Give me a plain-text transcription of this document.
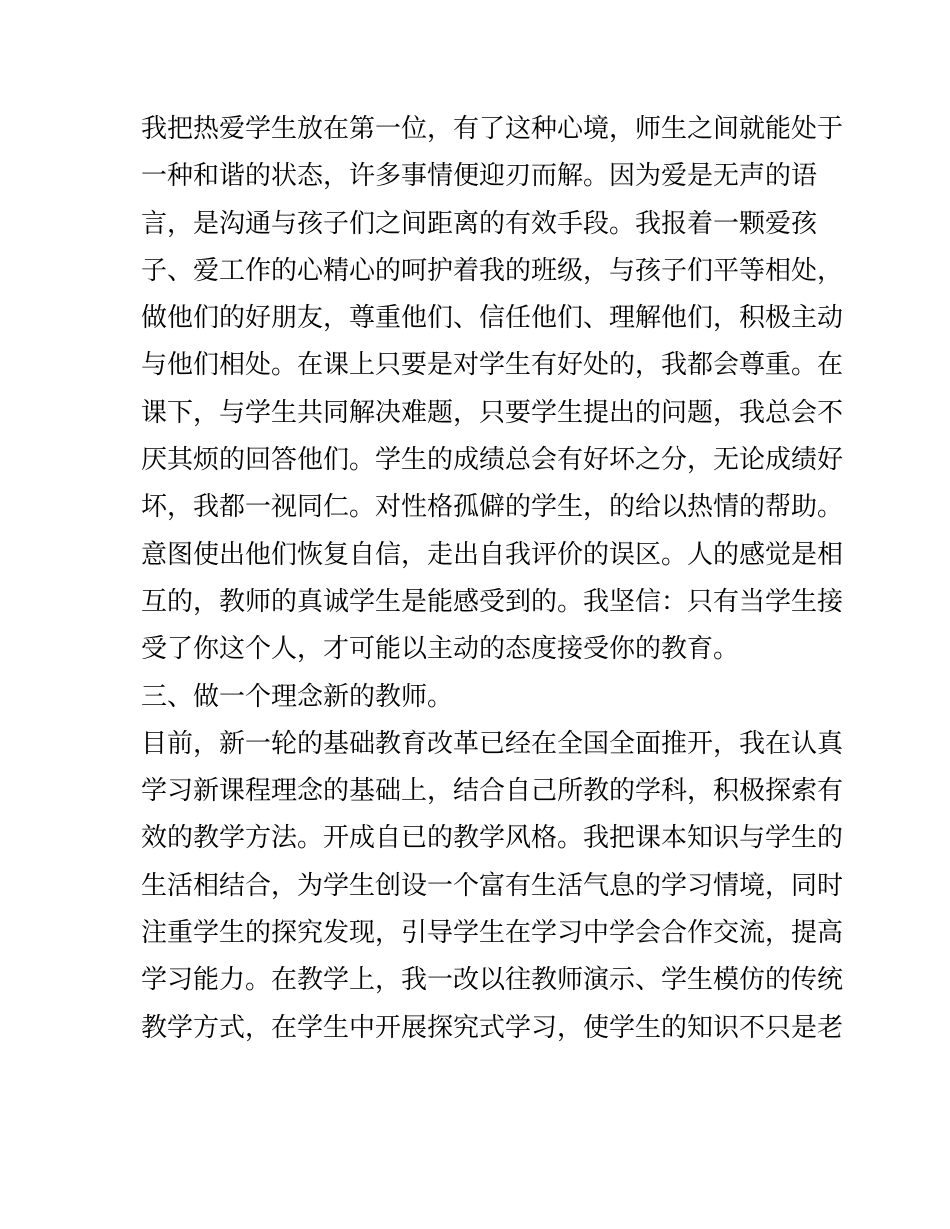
我把热爱学生放在第一位，有了这种心境，师生之间就能处于
一种和谐的状态，许多事情便迎刃而解。因为爱是无声的语
言，是沟通与孩子们之间距离的有效手段。我报着一颗爱孩
子、爱工作的心精心的呵护着我的班级，与孩子们平等相处，
做他们的好朋友，尊重他们、信任他们、理解他们，积极主动
与他们相处。在课上只要是对学生有好处的，我都会尊重。在
课下，与学生共同解决难题，只要学生提出的问题，我总会不
厌其烦的回答他们。学生的成绩总会有好坏之分，无论成绩好
坏，我都一视同仁。对性格孤僻的学生，的给以热情的帮助。
意图使出他们恢复自信，走出自我评价的误区。人的感觉是相
互的，教师的真诚学生是能感受到的。我坚信：只有当学生接
受了你这个人，才可能以主动的态度接受你的教育。
三、做一个理念新的教师。
目前，新一轮的基础教育改革已经在全国全面推开，我在认真
学习新课程理念的基础上，结合自己所教的学科，积极探索有
效的教学方法。开成自已的教学风格。我把课本知识与学生的
生活相结合，为学生创设一个富有生活气息的学习情境，同时
注重学生的探究发现，引导学生在学习中学会合作交流，提高
学习能力。在教学上，我一改以往教师演示、学生模仿的传统
教学方式，在学生中开展探究式学习，使学生的知识不只是老
